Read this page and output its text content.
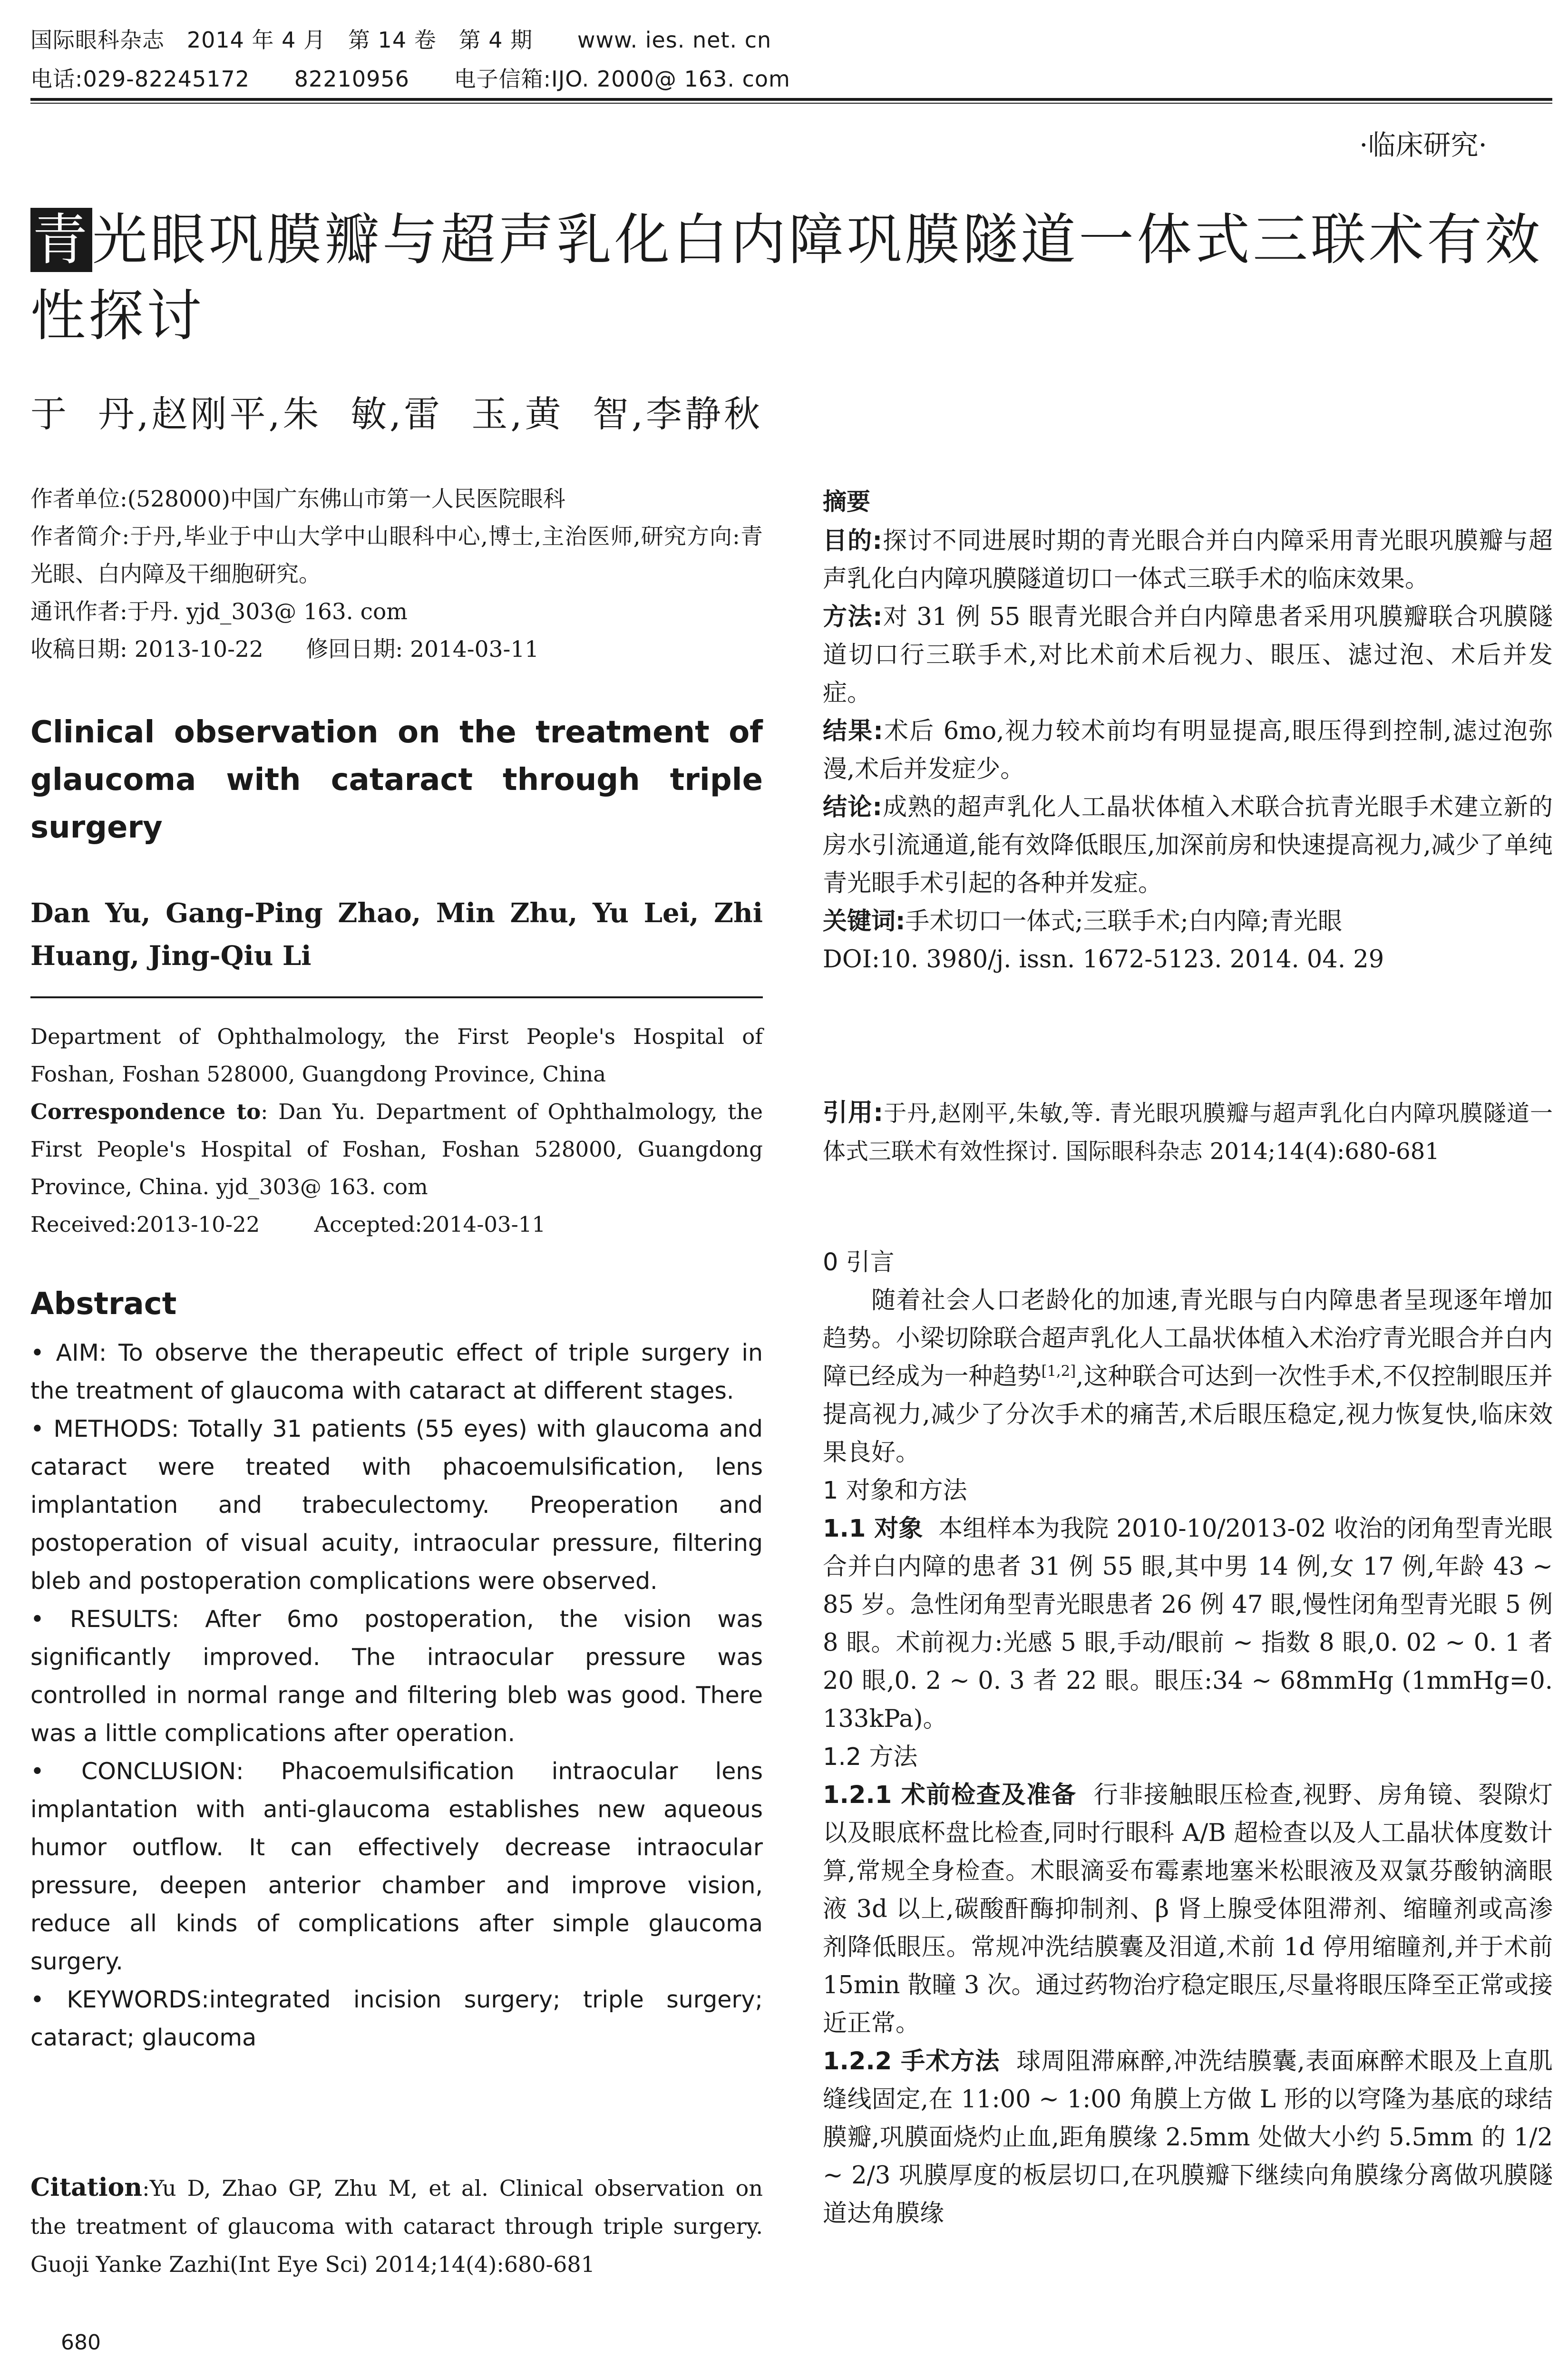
国际眼科杂志   2014 年 4 月   第 14 卷   第 4 期      www. ies. net. cn
电话:029-82245172      82210956      电子信箱:IJO. 2000@ 163. com
·临床研究·
青光眼巩膜瓣与超声乳化白内障巩膜隧道一体式三联术有效性探讨
于  丹,赵刚平,朱  敏,雷  玉,黄  智,李静秋

作者单位:(528000)中国广东佛山市第一人民医院眼科

作者简介:于丹,毕业于中山大学中山眼科中心,博士,主治医师,研究方向:青光眼、白内障及干细胞研究。

通讯作者:于丹. yjd_303@ 163. com

收稿日期: 2013-10-22      修回日期: 2014-03-11

Clinical observation on the treatment of glaucoma with cataract through triple surgery
Dan Yu, Gang-Ping Zhao, Min Zhu, Yu Lei, Zhi Huang, Jing-Qiu Li

Department of Ophthalmology, the First People's Hospital of Foshan, Foshan 528000, Guangdong Province, China

Correspondence to: Dan Yu. Department of Ophthalmology, the First People's Hospital of Foshan, Foshan 528000, Guangdong Province, China. yjd_303@ 163. com

Received:2013-10-22        Accepted:2014-03-11

Abstract

• AIM: To observe the therapeutic effect of triple surgery in the treatment of glaucoma with cataract at different stages.

• METHODS: Totally 31 patients (55 eyes) with glaucoma and cataract were treated with phacoemulsification, lens implantation and trabeculectomy. Preoperation and postoperation of visual acuity, intraocular pressure, filtering bleb and postoperation complications were observed.

• RESULTS: After 6mo postoperation, the vision was significantly improved. The intraocular pressure was controlled in normal range and filtering bleb was good. There was a little complications after operation.

• CONCLUSION: Phacoemulsification intraocular lens implantation with anti-glaucoma establishes new aqueous humor outflow. It can effectively decrease intraocular pressure, deepen anterior chamber and improve vision, reduce all kinds of complications after simple glaucoma surgery.

• KEYWORDS:integrated incision surgery; triple surgery; cataract; glaucoma

Citation:Yu D, Zhao GP, Zhu M, et al. Clinical observation on the treatment of glaucoma with cataract through triple surgery. Guoji Yanke Zazhi(Int Eye Sci) 2014;14(4):680-681
680
摘要

目的:探讨不同进展时期的青光眼合并白内障采用青光眼巩膜瓣与超声乳化白内障巩膜隧道切口一体式三联手术的临床效果。

方法:对 31 例 55 眼青光眼合并白内障患者采用巩膜瓣联合巩膜隧道切口行三联手术,对比术前术后视力、眼压、滤过泡、术后并发症。

结果:术后 6mo,视力较术前均有明显提高,眼压得到控制,滤过泡弥漫,术后并发症少。

结论:成熟的超声乳化人工晶状体植入术联合抗青光眼手术建立新的房水引流通道,能有效降低眼压,加深前房和快速提高视力,减少了单纯青光眼手术引起的各种并发症。

关键词:手术切口一体式;三联手术;白内障;青光眼

DOI:10. 3980/j. issn. 1672-5123. 2014. 04. 29

引用:于丹,赵刚平,朱敏,等. 青光眼巩膜瓣与超声乳化白内障巩膜隧道一体式三联术有效性探讨. 国际眼科杂志 2014;14(4):680-681

0 引言

随着社会人口老龄化的加速,青光眼与白内障患者呈现逐年增加趋势。小梁切除联合超声乳化人工晶状体植入术治疗青光眼合并白内障已经成为一种趋势[1,2],这种联合可达到一次性手术,不仅控制眼压并提高视力,减少了分次手术的痛苦,术后眼压稳定,视力恢复快,临床效果良好。

1 对象和方法

1.1 对象  本组样本为我院 2010-10/2013-02 收治的闭角型青光眼合并白内障的患者 31 例 55 眼,其中男 14 例,女 17 例,年龄 43 ~ 85 岁。急性闭角型青光眼患者 26 例 47 眼,慢性闭角型青光眼 5 例 8 眼。术前视力:光感 5 眼,手动/眼前 ~ 指数 8 眼,0. 02 ~ 0. 1 者 20 眼,0. 2 ~ 0. 3 者 22 眼。眼压:34 ~ 68mmHg (1mmHg=0. 133kPa)。

1.2 方法

1.2.1 术前检查及准备  行非接触眼压检查,视野、房角镜、裂隙灯以及眼底杯盘比检查,同时行眼科 A/B 超检查以及人工晶状体度数计算,常规全身检查。术眼滴妥布霉素地塞米松眼液及双氯芬酸钠滴眼液 3d 以上,碳酸酐酶抑制剂、β 肾上腺受体阻滞剂、缩瞳剂或高渗剂降低眼压。常规冲洗结膜囊及泪道,术前 1d 停用缩瞳剂,并于术前 15min 散瞳 3 次。通过药物治疗稳定眼压,尽量将眼压降至正常或接近正常。

1.2.2 手术方法  球周阻滞麻醉,冲洗结膜囊,表面麻醉术眼及上直肌缝线固定,在 11:00 ~ 1:00 角膜上方做 L 形的以穹隆为基底的球结膜瓣,巩膜面烧灼止血,距角膜缘 2.5mm 处做大小约 5.5mm 的 1/2 ~ 2/3 巩膜厚度的板层切口,在巩膜瓣下继续向角膜缘分离做巩膜隧道达角膜缘
